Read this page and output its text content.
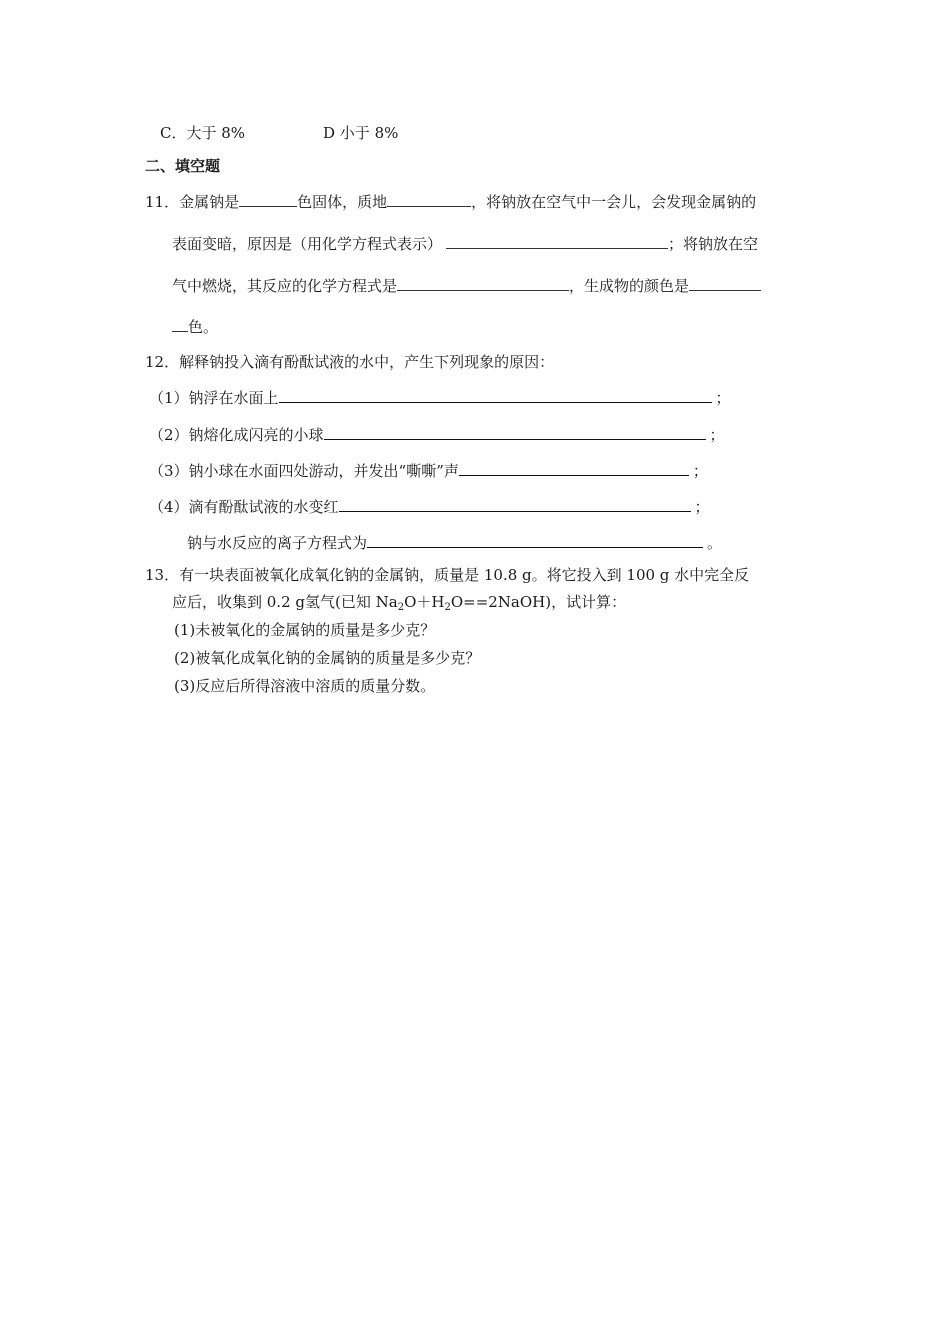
C．大于 8%	D 小于 8%
二、填空题
11．金属钠是	色固体，质地	，将钠放在空气中一会儿，会发现金属钠的
表面变暗，原因是（用化学方程式表示）	；将钠放在空
气中燃烧，其反应的化学方程式是	，生成物的颜色是
色。
12．解释钠投入滴有酚酞试液的水中，产生下列现象的原因：
（1）钠浮在水面上	；
（2）钠熔化成闪亮的小球	；
（3）钠小球在水面四处游动，并发出“嘶嘶”声	；
（4）滴有酚酞试液的水变红	；
钠与水反应的离子方程式为	。
13．有一块表面被氧化成氧化钠的金属钠，质量是 10.8 g。将它投入到 100 g 水中完全反
应后，收集到 0.2 g氢气(已知 $Na_2O+H_2O==2NaOH$)，试计算：
(1)未被氧化的金属钠的质量是多少克？
(2)被氧化成氧化钠的金属钠的质量是多少克？
(3)反应后所得溶液中溶质的质量分数。
